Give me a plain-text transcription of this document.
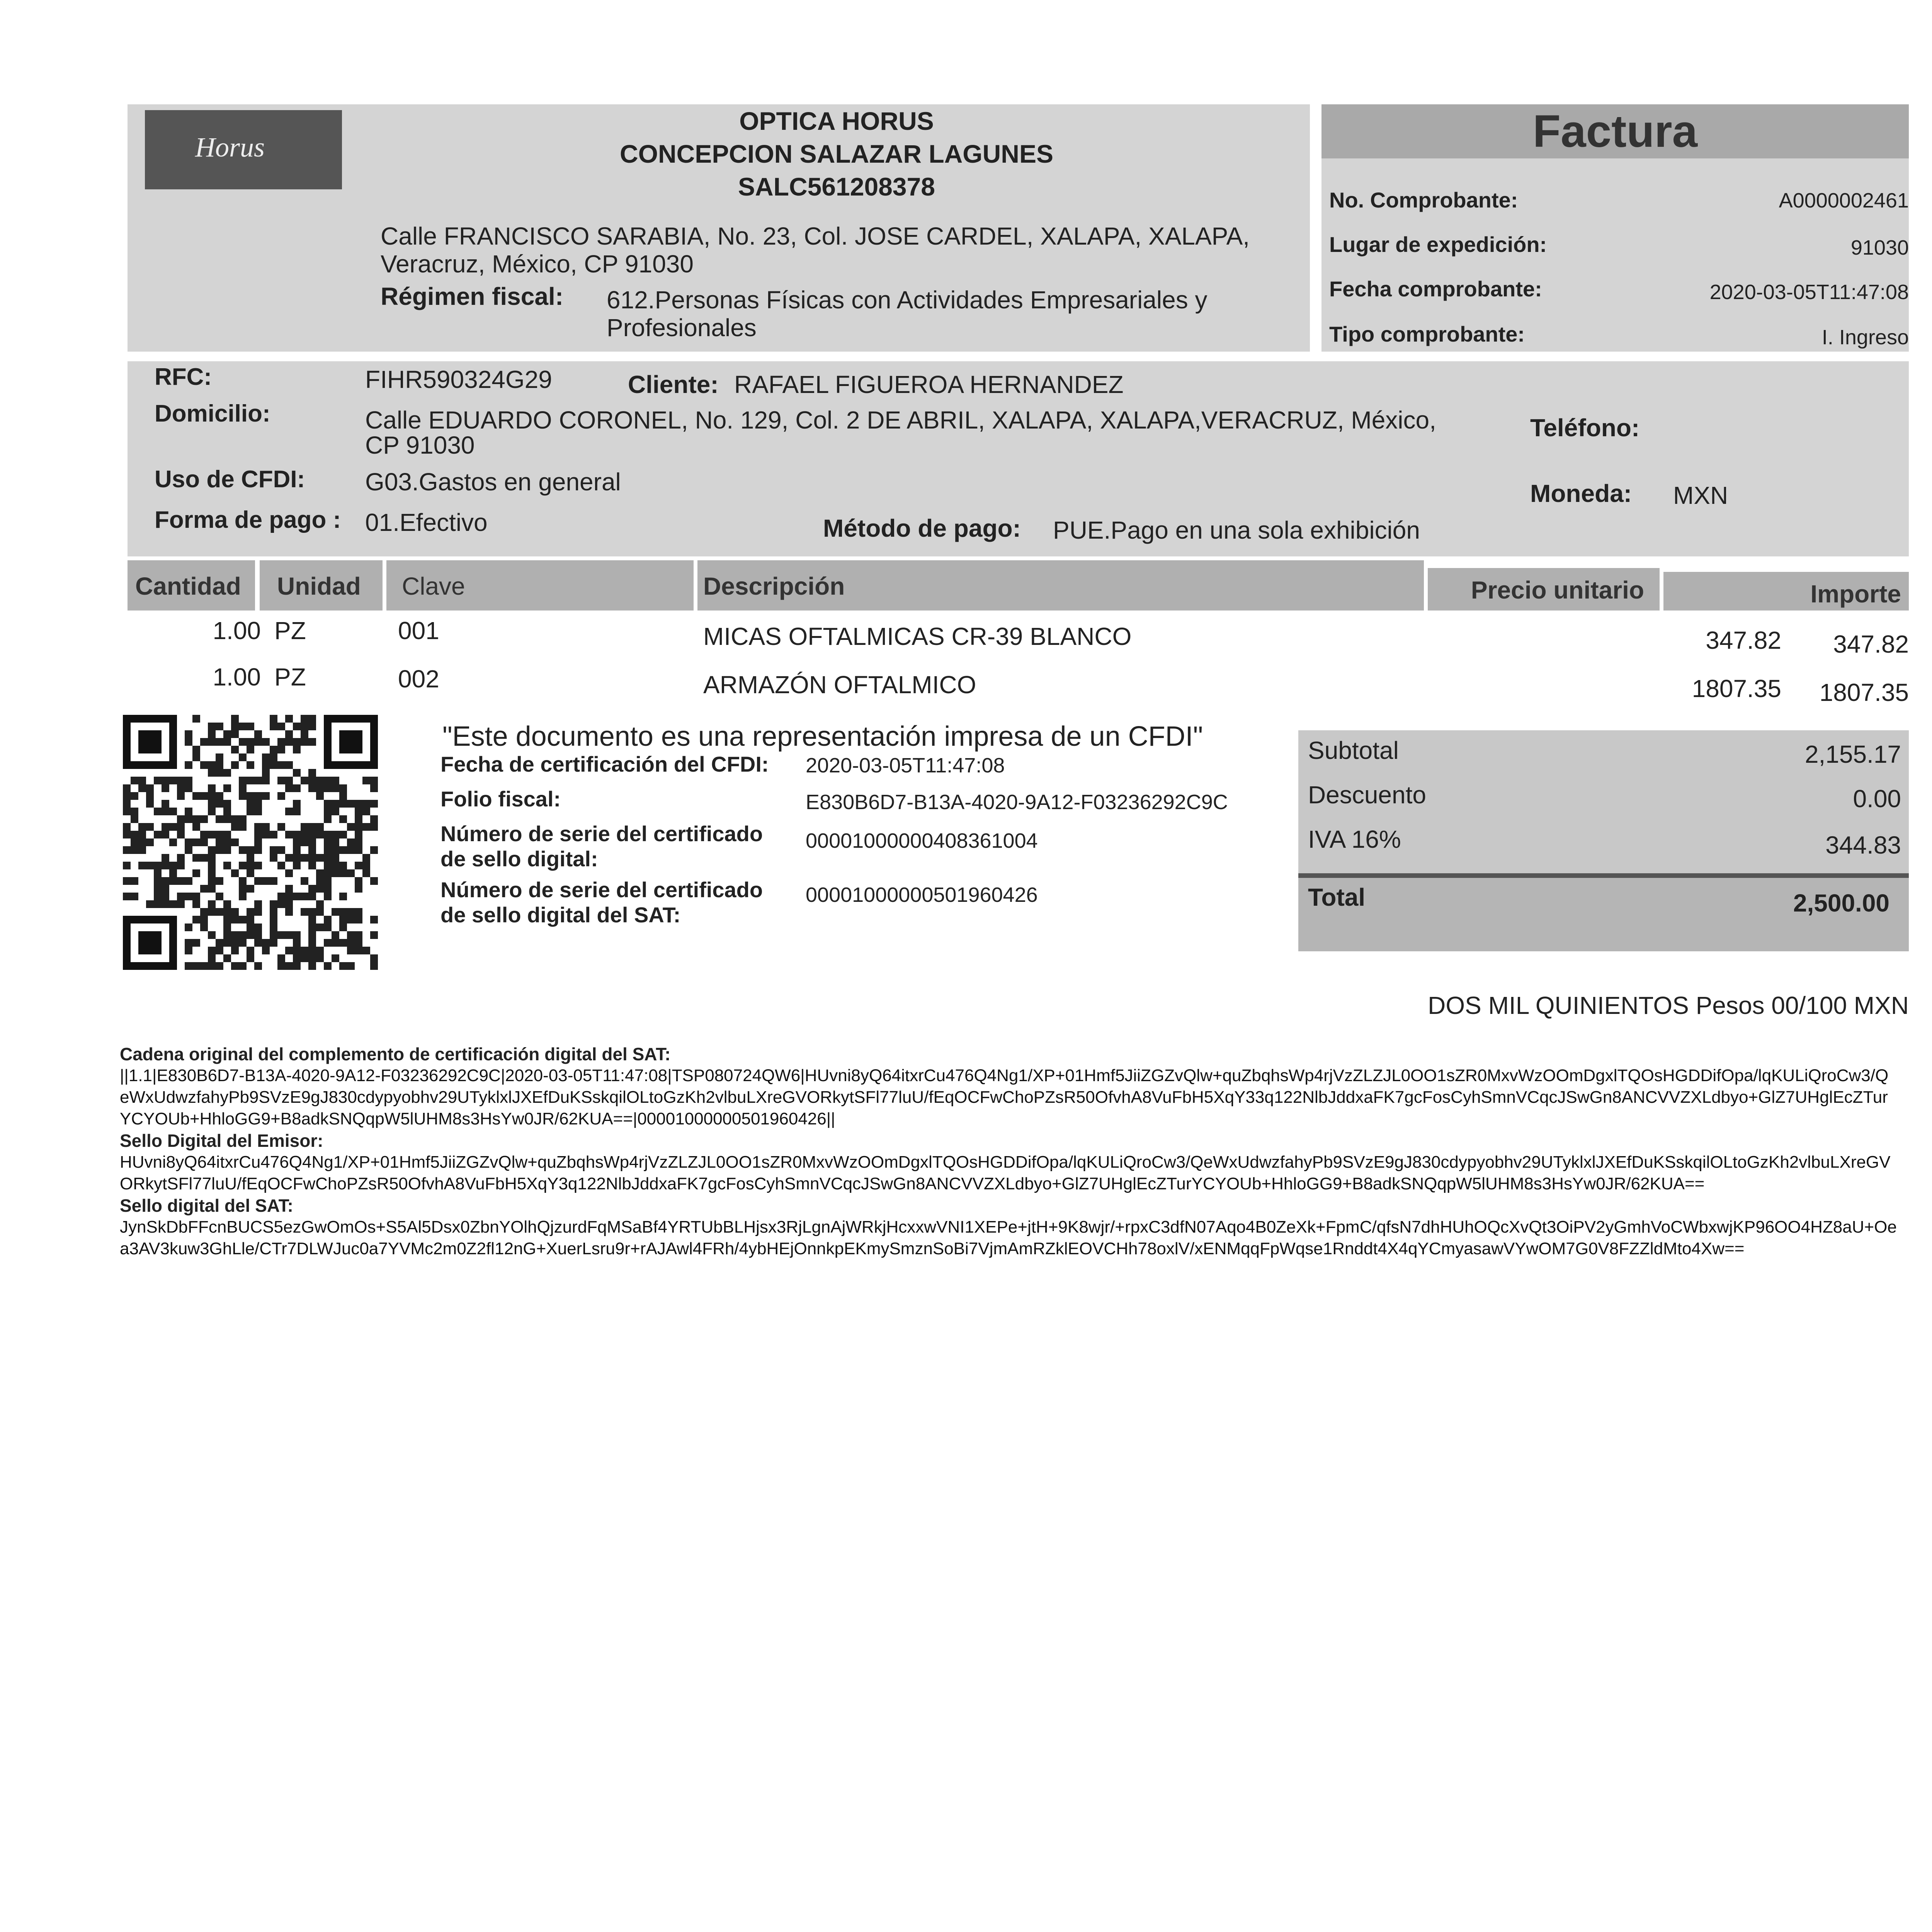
Horus
OPTICA HORUS
CONCEPCION SALAZAR LAGUNES
SALC561208378
Calle FRANCISCO SARABIA, No. 23, Col. JOSE CARDEL, XALAPA, XALAPA, Veracruz, México, CP 91030
Régimen fiscal: 612.Personas Físicas con Actividades Empresariales y Profesionales
Factura
No. Comprobante:	A0000002461
Lugar de expedición:	91030
Fecha comprobante:	2020-03-05T11:47:08
Tipo comprobante:	I. Ingreso
RFC:	FIHR590324G29	Cliente: RAFAEL FIGUEROA HERNANDEZ
Domicilio:	Calle EDUARDO CORONEL, No. 129, Col. 2 DE ABRIL, XALAPA, XALAPA,VERACRUZ, México,
CP 91030
Teléfono:
Uso de CFDI: G03.Gastos en general	Moneda: MXN
Forma de pago : 01.Efectivo	Método de pago: PUE.Pago en una sola exhibición
Cantidad Unidad Clave	Descripción	Precio unitario	Importe
1.00 PZ	001	MICAS OFTALMICAS CR-39 BLANCO	347.82	347.82
1.00 PZ	002	ARMAZÓN OFTALMICO	1807.35	1807.35
"Este documento es una representación impresa de un CFDI"
Fecha de certificación del CFDI: 2020-03-05T11:47:08
Folio fiscal:	E830B6D7-B13A-4020-9A12-F03236292C9C
Número de serie del certificado
de sello digital:
00001000000408361004
Número de serie del certificado
de sello digital del SAT:
00001000000501960426
Subtotal	2,155.17
Descuento	0.00
IVA 16%	344.83
Total	2,500.00
DOS MIL QUINIENTOS Pesos 00/100 MXN
Cadena original del complemento de certificación digital del SAT:
||1.1|E830B6D7-B13A-4020-9A12-F03236292C9C|2020-03-05T11:47:08|TSP080724QW6|HUvni8yQ64itxrCu476Q4Ng1/XP+01Hmf5JiiZGZvQlw+quZbqhsWp4rjVzZLZJL0OO1sZR0MxvWzOOmDgxlTQOsHGDDifOpa/lqKULiQroCw3/QeWxUdwzfahyPb9SVzE9gJ830cdypyobhv29UTyklxlJXEfDuKSskqilOLtoGzKh2vlbuLXreGVORkytSFl77luU/fEqOCFwChoPZsR50OfvhA8VuFbH5XqY33q122NlbJddxaFK7gcFosCyhSmnVCqcJSwGn8ANCVVZXLdbyo+GlZ7UHglEcZTurYCYOUb+HhloGG9+B8adkSNQqpW5lUHM8s3HsYw0JR/62KUA==|00001000000501960426||
Sello Digital del Emisor:
HUvni8yQ64itxrCu476Q4Ng1/XP+01Hmf5JiiZGZvQlw+quZbqhsWp4rjVzZLZJL0OO1sZR0MxvWzOOmDgxlTQOsHGDDifOpa/lqKULiQroCw3/QeWxUdwzfahyPb9SVzE9gJ830cdypyobhv29UTyklxlJXEfDuKSskqilOLtoGzKh2vlbuLXreGVORkytSFl77luU/fEqOCFwChoPZsR50OfvhA8VuFbH5XqY3q122NlbJddxaFK7gcFosCyhSmnVCqcJSwGn8ANCVVZXLdbyo+GlZ7UHglEcZTurYCYOUb+HhloGG9+B8adkSNQqpW5lUHM8s3HsYw0JR/62KUA==
Sello digital del SAT:
JynSkDbFFcnBUCS5ezGwOmOs+S5Al5Dsx0ZbnYOlhQjzurdFqMSaBf4YRTUbBLHjsx3RjLgnAjWRkjHcxxwVNI1XEPe+jtH+9K8wjr/+rpxC3dfN07Aqo4B0ZeXk+FpmC/qfsN7dhHUhOQcXvQt3OiPV2yGmhVoCWbxwjKP96OO4HZ8aU+Oea3AV3kuw3GhLle/CTr7DLWJuc0a7YVMc2m0Z2fl12nG+XuerLsru9r+rAJAwl4FRh/4ybHEjOnnkpEKmySmznSoBi7VjmAmRZklEOVCHh78oxlV/xENMqqFpWqse1Rnddt4X4qYCmyasawVYwOM7G0V8FZZldMto4Xw==
